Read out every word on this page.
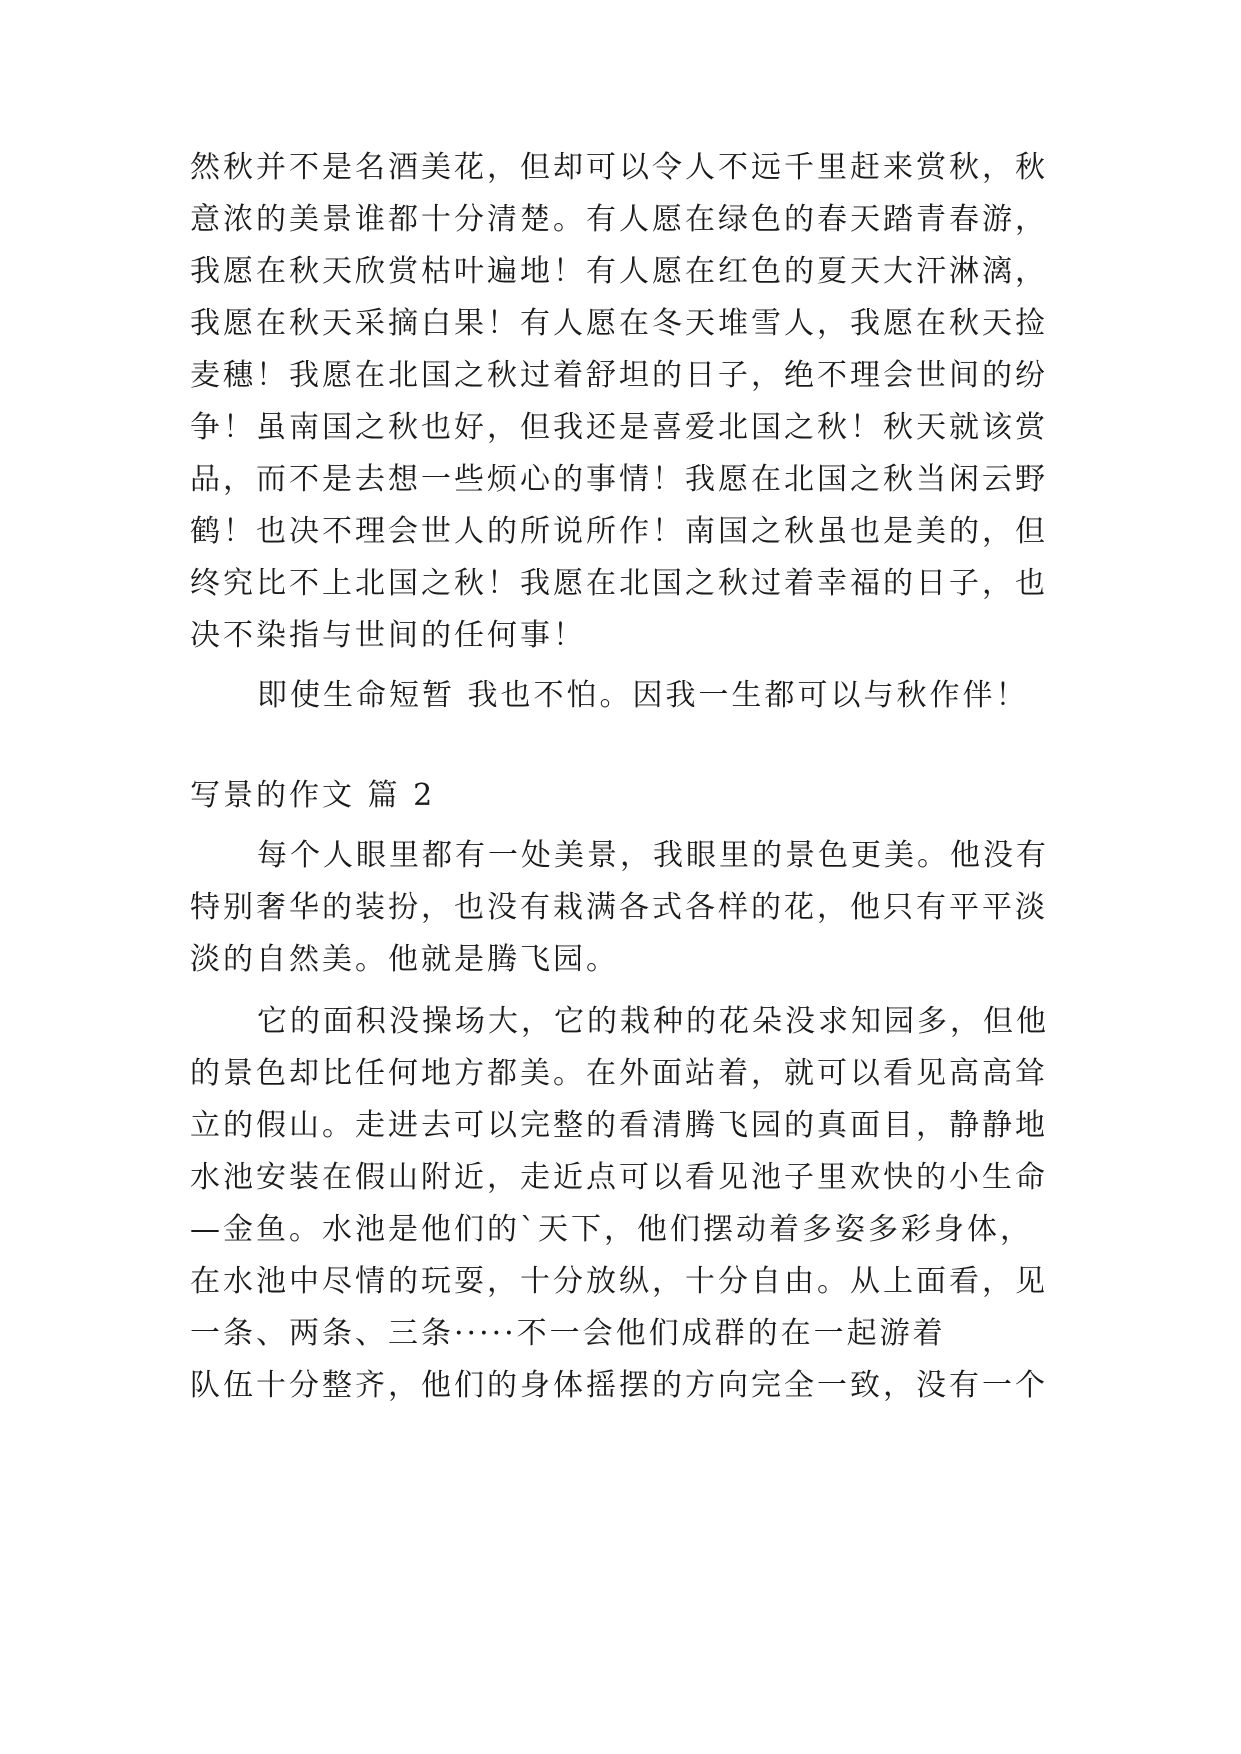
然秋并不是名酒美花，但却可以令人不远千里赶来赏秋，秋
意浓的美景谁都十分清楚。有人愿在绿色的春天踏青春游，
我愿在秋天欣赏枯叶遍地！有人愿在红色的夏天大汗淋漓，
我愿在秋天采摘白果！有人愿在冬天堆雪人，我愿在秋天捡
麦穗！我愿在北国之秋过着舒坦的日子，绝不理会世间的纷
争！虽南国之秋也好，但我还是喜爱北国之秋！秋天就该赏
品，而不是去想一些烦心的事情！我愿在北国之秋当闲云野
鹤！也决不理会世人的所说所作！南国之秋虽也是美的，但
终究比不上北国之秋！我愿在北国之秋过着幸福的日子，也
决不染指与世间的任何事！
即使生命短暂 我也不怕。因我一生都可以与秋作伴！
写景的作文 篇 2
每个人眼里都有一处美景，我眼里的景色更美。他没有
特别奢华的装扮，也没有栽满各式各样的花，他只有平平淡
淡的自然美。他就是腾飞园。
它的面积没操场大，它的栽种的花朵没求知园多，但他
的景色却比任何地方都美。在外面站着，就可以看见高高耸
立的假山。走进去可以完整的看清腾飞园的真面目，静静地
水池安装在假山附近，走近点可以看见池子里欢快的小生命
—金鱼。水池是他们的`天下，他们摆动着多姿多彩身体，
在水池中尽情的玩耍，十分放纵，十分自由。从上面看，见
一条、两条、三条·····不一会他们成群的在一起游着
队伍十分整齐，他们的身体摇摆的方向完全一致，没有一个
